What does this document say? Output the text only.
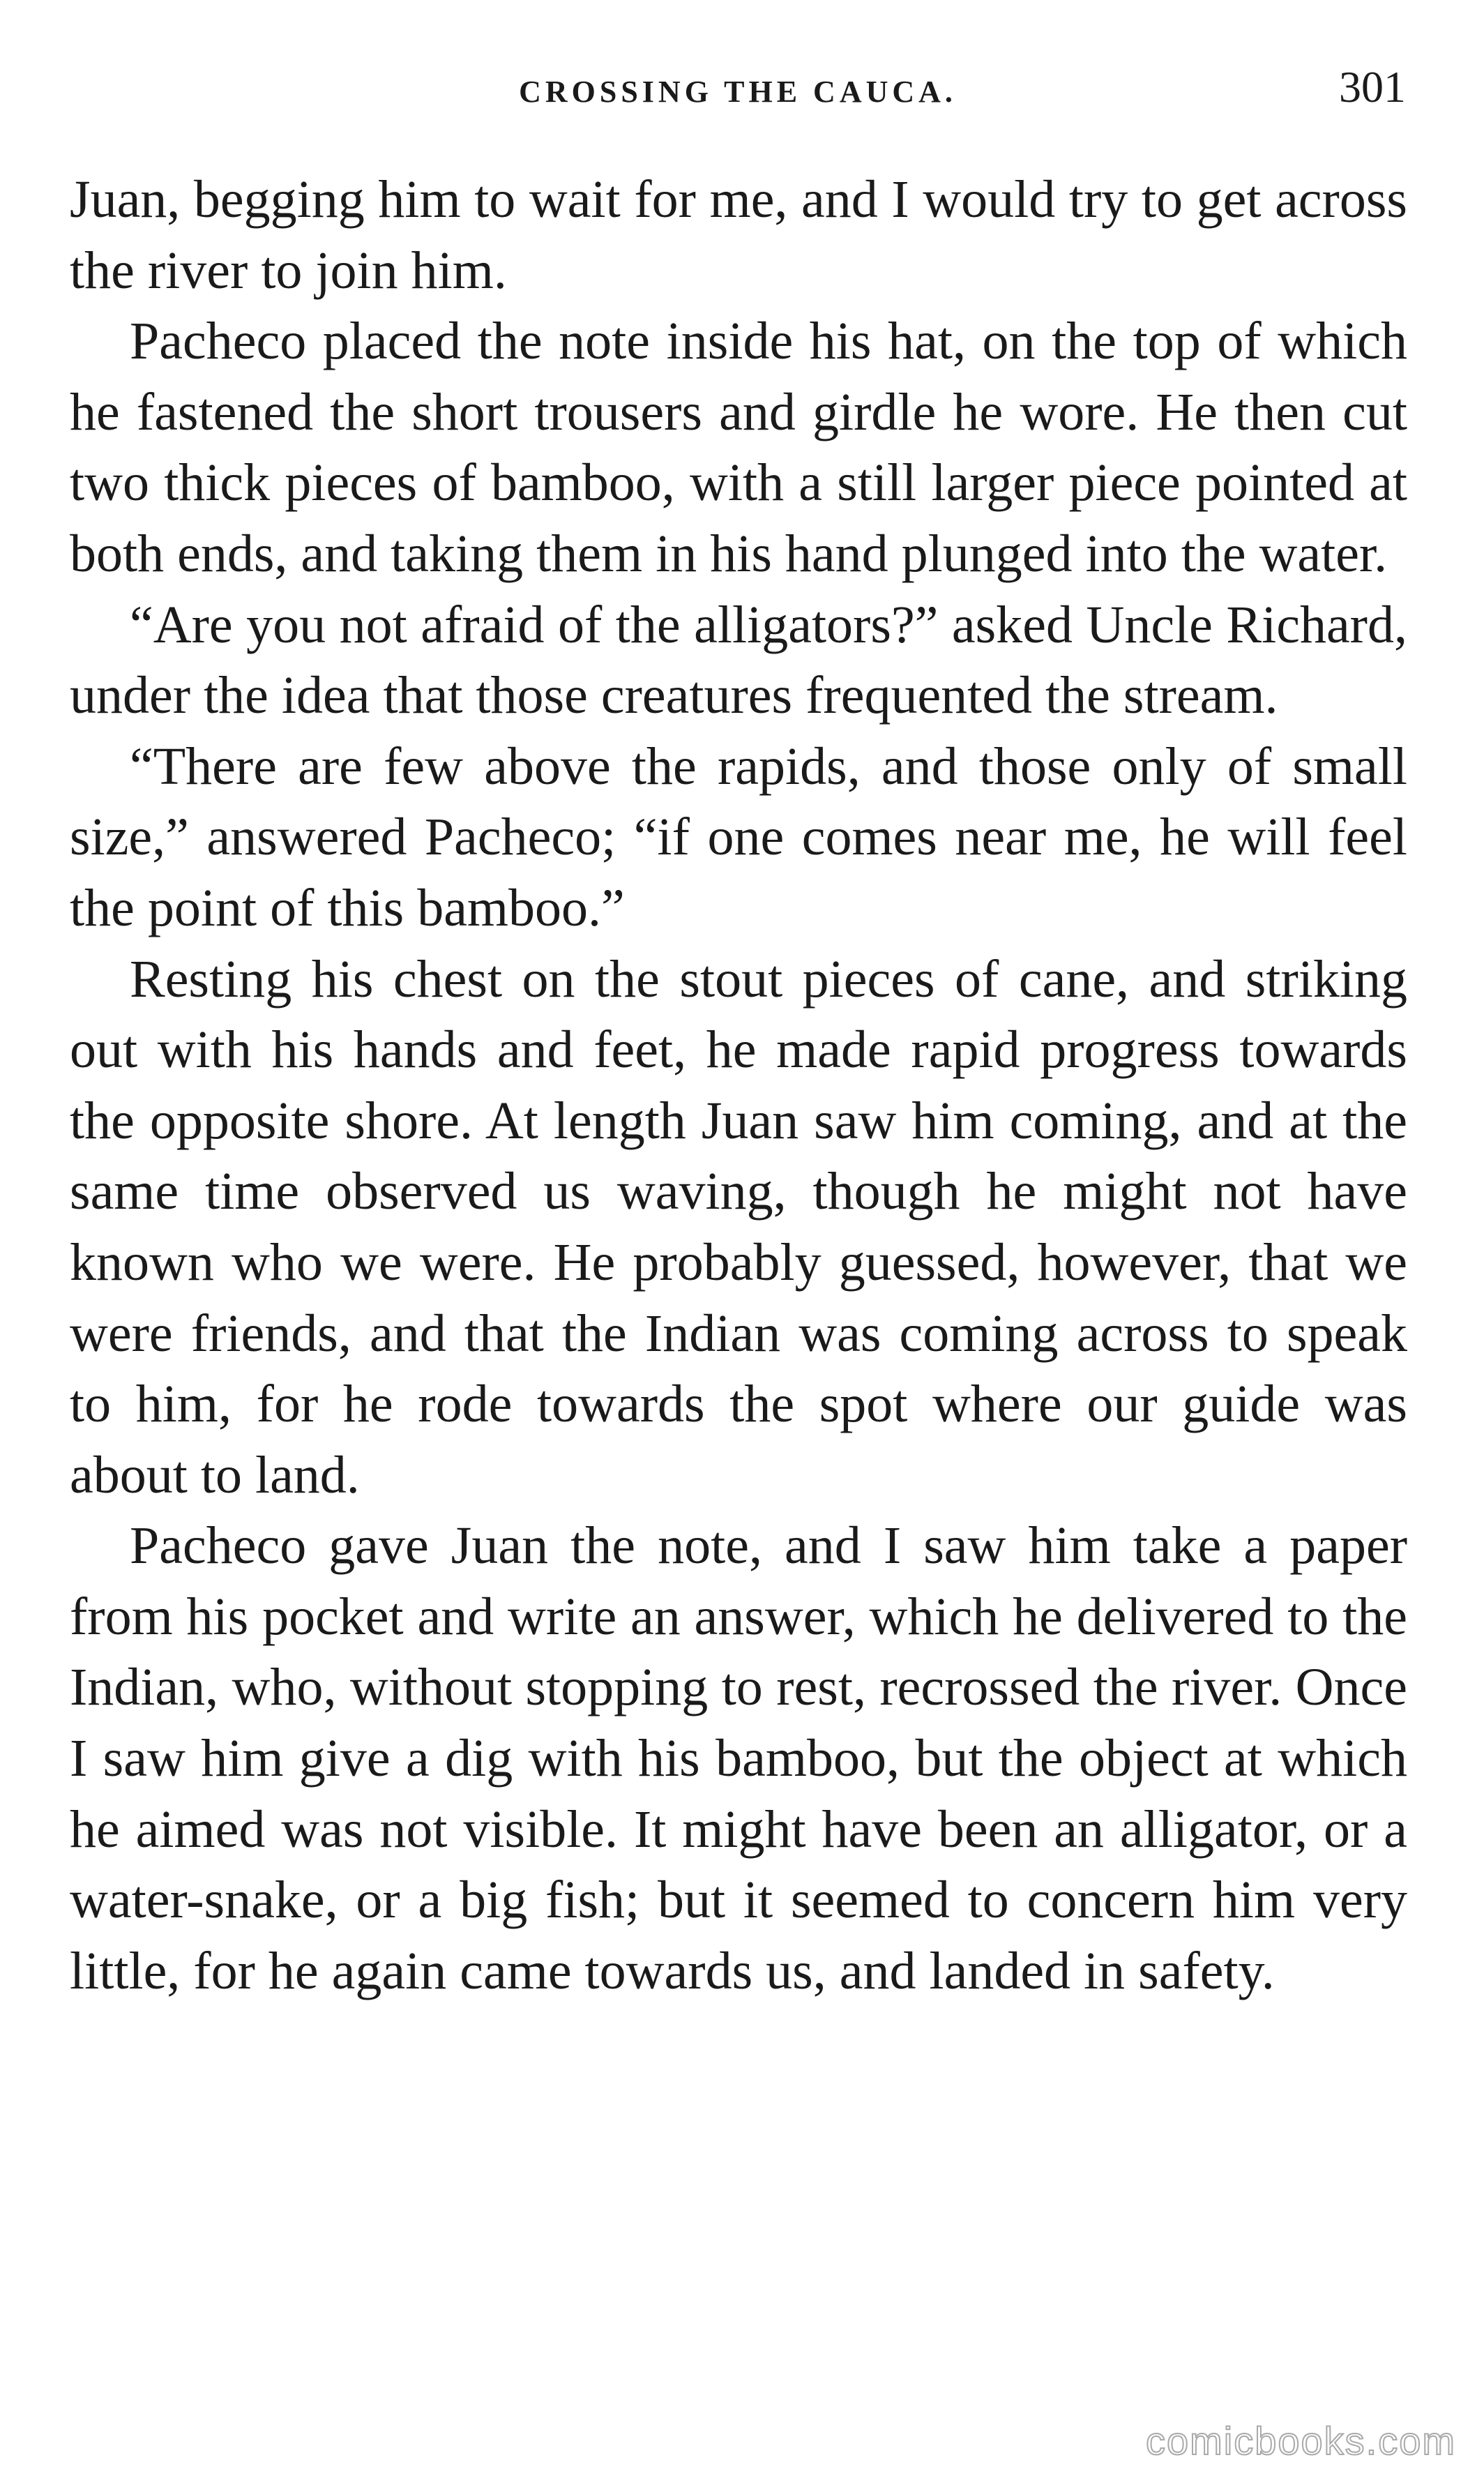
CROSSING THE CAUCA.	301

Juan, begging him to wait for me, and I would try to get across the river to join him.

Pacheco placed the note inside his hat, on the top of which he fastened the short trousers and girdle he wore. He then cut two thick pieces of bamboo, with a still larger piece pointed at both ends, and taking them in his hand plunged into the water.

“Are you not afraid of the alligators?” asked Uncle Richard, under the idea that those creatures frequented the stream.

“There are few above the rapids, and those only of small size,” answered Pacheco; “if one comes near me, he will feel the point of this bamboo.”

Resting his chest on the stout pieces of cane, and striking out with his hands and feet, he made rapid progress towards the opposite shore. At length Juan saw him coming, and at the same time observed us waving, though he might not have known who we were. He probably guessed, however, that we were friends, and that the Indian was coming across to speak to him, for he rode towards the spot where our guide was about to land.

Pacheco gave Juan the note, and I saw him take a paper from his pocket and write an answer, which he delivered to the Indian, who, without stopping to rest, recrossed the river. Once I saw him give a dig with his bamboo, but the object at which he aimed was not visible. It might have been an alligator, or a water-snake, or a big fish; but it seemed to concern him very little, for he again came towards us, and landed in safety.

comicbooks.com
